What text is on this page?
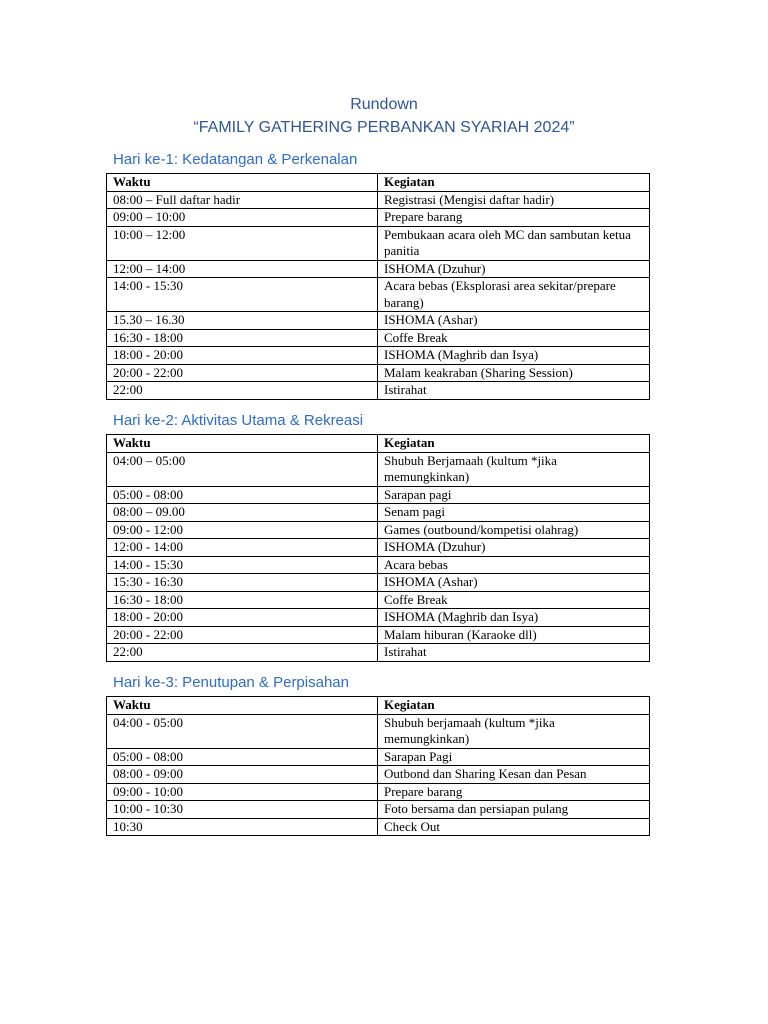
Rundown
“FAMILY GATHERING PERBANKAN SYARIAH 2024”
Hari ke-1: Kedatangan & Perkenalan
Waktu	Kegiatan
08:00 – Full daftar hadir	Registrasi (Mengisi daftar hadir)
09:00 – 10:00	Prepare barang
10:00 – 12:00	Pembukaan acara oleh MC dan sambutan ketua panitia
12:00 – 14:00	ISHOMA (Dzuhur)
14:00 - 15:30	Acara bebas (Eksplorasi area sekitar/prepare barang)
15.30 – 16.30	ISHOMA (Ashar)
16:30 - 18:00	Coffe Break
18:00 - 20:00	ISHOMA (Maghrib dan Isya)
20:00 - 22:00	Malam keakraban (Sharing Session)
22:00	Istirahat
Hari ke-2: Aktivitas Utama & Rekreasi
Waktu	Kegiatan
04:00 – 05:00	Shubuh Berjamaah (kultum *jika memungkinkan)
05:00 - 08:00	Sarapan pagi
08:00 – 09.00	Senam pagi
09:00 - 12:00	Games (outbound/kompetisi olahrag)
12:00 - 14:00	ISHOMA (Dzuhur)
14:00 - 15:30	Acara bebas
15:30 - 16:30	ISHOMA (Ashar)
16:30 - 18:00	Coffe Break
18:00 - 20:00	ISHOMA (Maghrib dan Isya)
20:00 - 22:00	Malam hiburan (Karaoke dll)
22:00	Istirahat
Hari ke-3: Penutupan & Perpisahan
Waktu	Kegiatan
04:00 - 05:00	Shubuh berjamaah (kultum *jika memungkinkan)
05:00 - 08:00	Sarapan Pagi
08:00 - 09:00	Outbond dan Sharing Kesan dan Pesan
09:00 - 10:00	Prepare barang
10:00 - 10:30	Foto bersama dan persiapan pulang
10:30	Check Out
